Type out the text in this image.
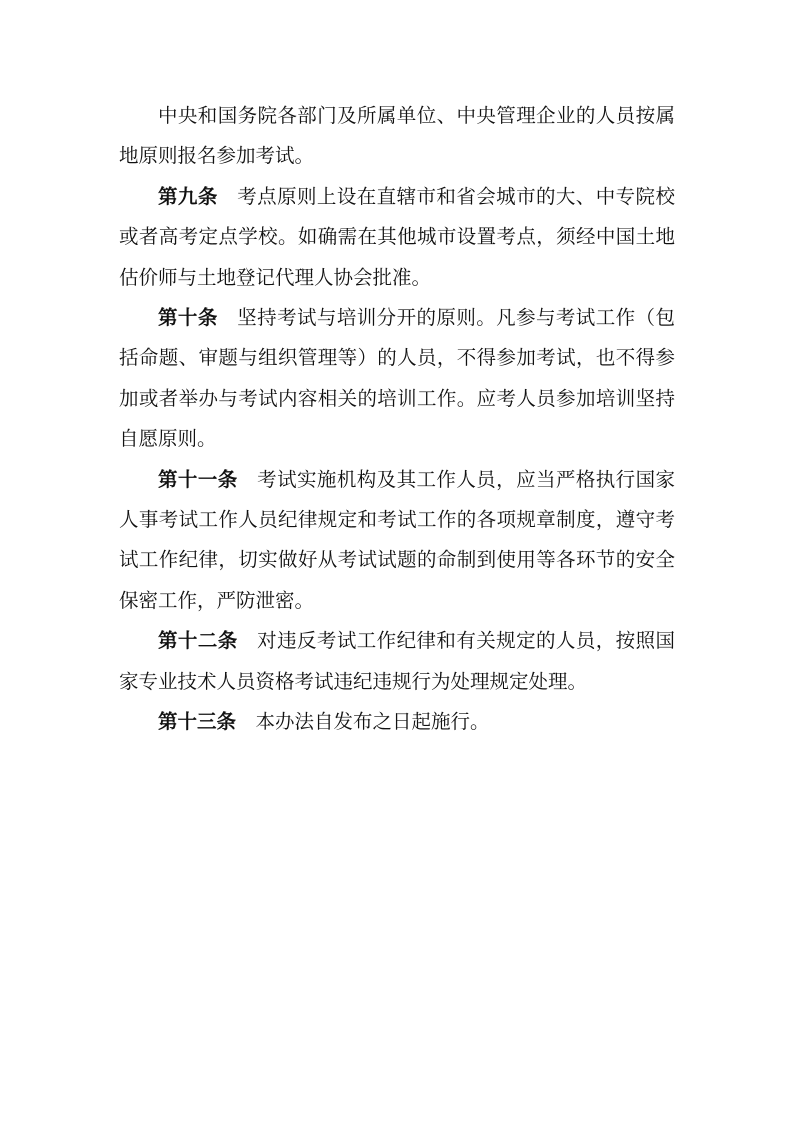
中央和国务院各部门及所属单位、中央管理企业的人员按属地原则报名参加考试。

第九条 考点原则上设在直辖市和省会城市的大、中专院校或者高考定点学校。如确需在其他城市设置考点，须经中国土地估价师与土地登记代理人协会批准。

第十条 坚持考试与培训分开的原则。凡参与考试工作（包括命题、审题与组织管理等）的人员，不得参加考试，也不得参加或者举办与考试内容相关的培训工作。应考人员参加培训坚持自愿原则。

第十一条 考试实施机构及其工作人员，应当严格执行国家人事考试工作人员纪律规定和考试工作的各项规章制度，遵守考试工作纪律，切实做好从考试试题的命制到使用等各环节的安全保密工作，严防泄密。

第十二条 对违反考试工作纪律和有关规定的人员，按照国家专业技术人员资格考试违纪违规行为处理规定处理。

第十三条 本办法自发布之日起施行。
